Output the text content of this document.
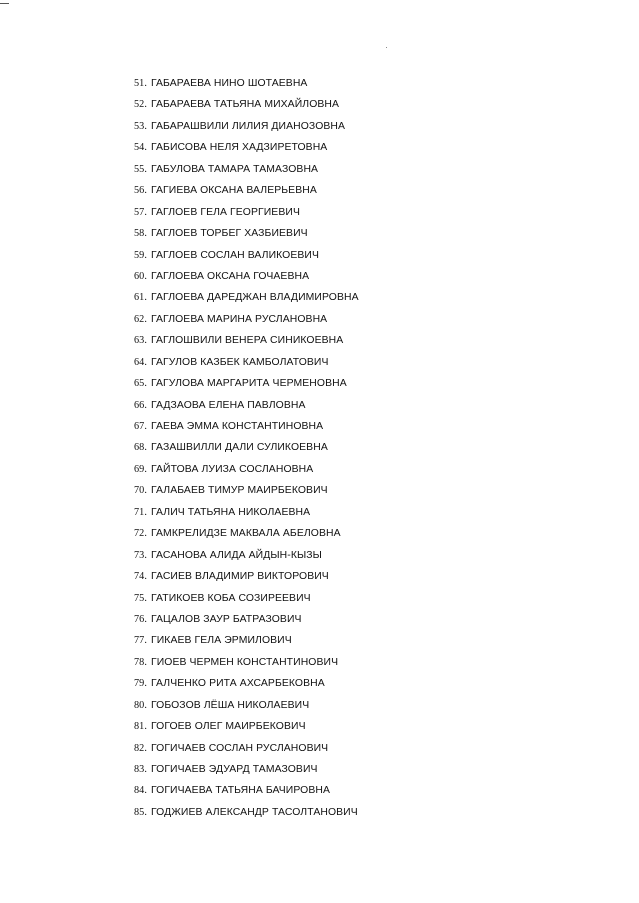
51. ГАБАРАЕВА НИНО ШОТАЕВНА
52. ГАБАРАЕВА ТАТЬЯНА МИХАЙЛОВНА
53. ГАБАРАШВИЛИ ЛИЛИЯ ДИАНОЗОВНА
54. ГАБИСОВА НЕЛЯ ХАДЗИРЕТОВНА
55. ГАБУЛОВА ТАМАРА ТАМАЗОВНА
56. ГАГИЕВА ОКСАНА ВАЛЕРЬЕВНА
57. ГАГЛОЕВ ГЕЛА ГЕОРГИЕВИЧ
58. ГАГЛОЕВ ТОРБЕГ ХАЗБИЕВИЧ
59. ГАГЛОЕВ СОСЛАН ВАЛИКОЕВИЧ
60. ГАГЛОЕВА ОКСАНА ГОЧАЕВНА
61. ГАГЛОЕВА ДАРЕДЖАН ВЛАДИМИРОВНА
62. ГАГЛОЕВА МАРИНА РУСЛАНОВНА
63. ГАГЛОШВИЛИ ВЕНЕРА СИНИКОЕВНА
64. ГАГУЛОВ КАЗБЕК КАМБОЛАТОВИЧ
65. ГАГУЛОВА МАРГАРИТА ЧЕРМЕНОВНА
66. ГАДЗАОВА ЕЛЕНА ПАВЛОВНА
67. ГАЕВА ЭММА КОНСТАНТИНОВНА
68. ГАЗАШВИЛЛИ ДАЛИ СУЛИКОЕВНА
69. ГАЙТОВА ЛУИЗА СОСЛАНОВНА
70. ГАЛАБАЕВ ТИМУР МАИРБЕКОВИЧ
71. ГАЛИЧ ТАТЬЯНА НИКОЛАЕВНА
72. ГАМКРЕЛИДЗЕ МАКВАЛА АБЕЛОВНА
73. ГАСАНОВА АЛИДА АЙДЫН-КЫЗЫ
74. ГАСИЕВ ВЛАДИМИР ВИКТОРОВИЧ
75. ГАТИКОЕВ КОБА СОЗИРЕЕВИЧ
76. ГАЦАЛОВ ЗАУР БАТРАЗОВИЧ
77. ГИКАЕВ ГЕЛА ЭРМИЛОВИЧ
78. ГИОЕВ ЧЕРМЕН КОНСТАНТИНОВИЧ
79. ГАЛЧЕНКО РИТА АХСАРБЕКОВНА
80. ГОБОЗОВ ЛЁША НИКОЛАЕВИЧ
81. ГОГОЕВ ОЛЕГ МАИРБЕКОВИЧ
82. ГОГИЧАЕВ СОСЛАН РУСЛАНОВИЧ
83. ГОГИЧАЕВ ЭДУАРД ТАМАЗОВИЧ
84. ГОГИЧАЕВА ТАТЬЯНА БАЧИРОВНА
85. ГОДЖИЕВ АЛЕКСАНДР ТАСОЛТАНОВИЧ
